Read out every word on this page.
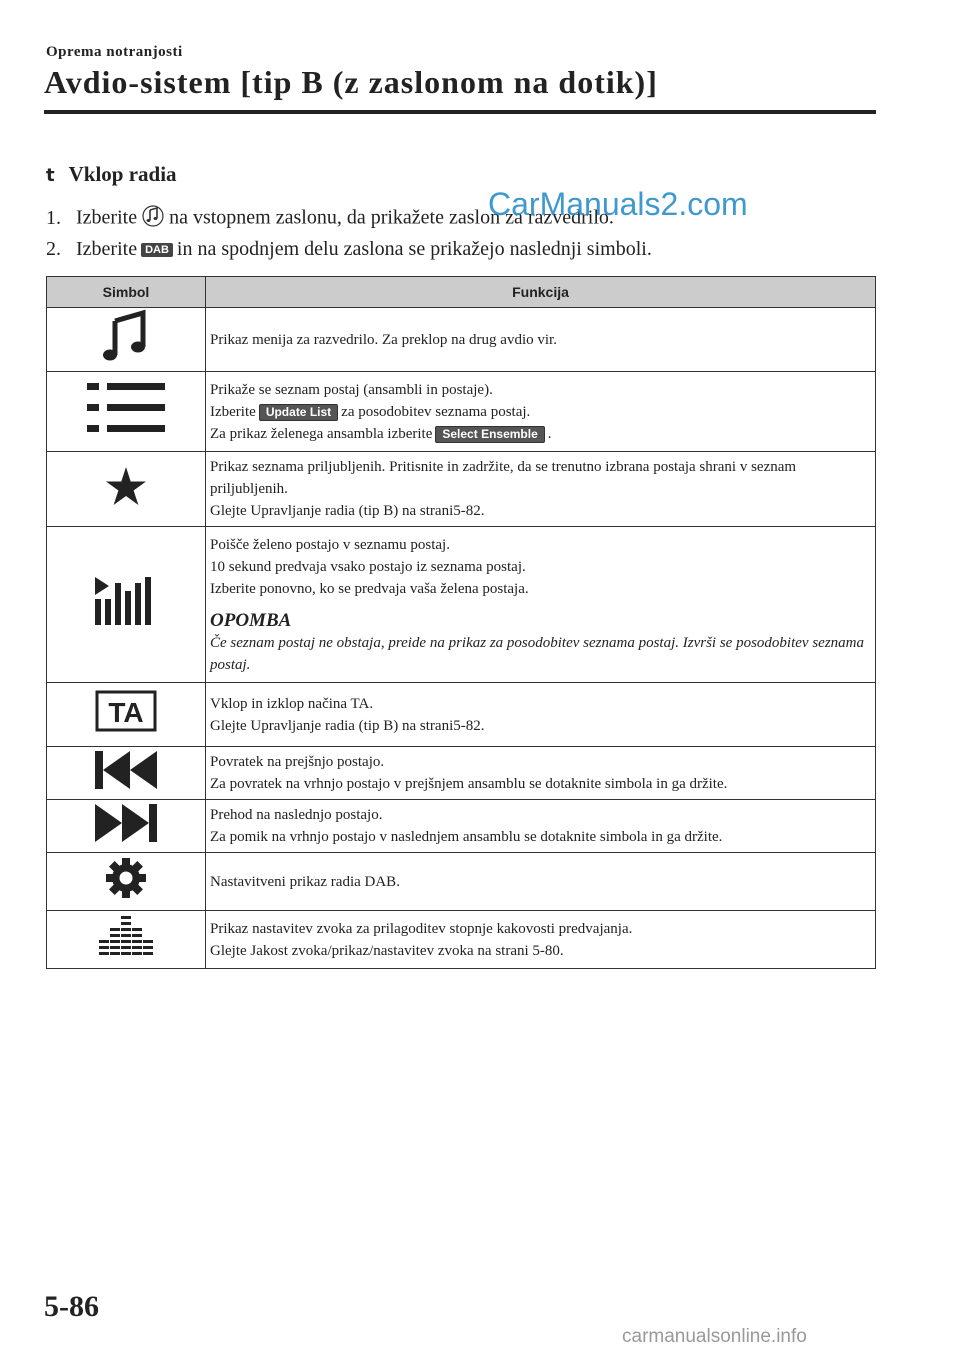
Oprema notranjosti
Avdio-sistem [tip B (z zaslonom na dotik)]
t Vklop radia
1. Izberite na vstopnem zaslonu, da prikažete zaslon za razvedrilo.
2. Izberite DAB in na spodnjem delu zaslona se prikažejo naslednji simboli.
CarManuals2.com
Simbol	Funkcija

Prikaz menija za razvedrilo. Za preklop na drug avdio vir.

Prikaže se seznam postaj (ansambli in postaje).
Izberite Update List za posodobitev seznama postaj.
Za prikaz želenega ansambla izberite Select Ensemble .

Prikaz seznama priljubljenih. Pritisnite in zadržite, da se trenutno izbrana postaja shrani v seznam
priljubljenih.
Glejte Upravljanje radia (tip B) na strani5-82.

Poišče želeno postajo v seznamu postaj.
10 sekund predvaja vsako postajo iz seznama postaj.
Izberite ponovno, ko se predvaja vaša želena postaja.
OPOMBA
Če seznam postaj ne obstaja, preide na prikaz za posodobitev seznama postaj. Izvrši se posodobitev seznama postaj.

TA	Vklop in izklop načina TA.
Glejte Upravljanje radia (tip B) na strani5-82.

Povratek na prejšnjo postajo.
Za povratek na vrhnjo postajo v prejšnjem ansamblu se dotaknite simbola in ga držite.

Prehod na naslednjo postajo.
Za pomik na vrhnjo postajo v naslednjem ansamblu se dotaknite simbola in ga držite.

Nastavitveni prikaz radia DAB.

Prikaz nastavitev zvoka za prilagoditev stopnje kakovosti predvajanja.
Glejte Jakost zvoka/prikaz/nastavitev zvoka na strani 5-80.
5-86
carmanualsonline.info
